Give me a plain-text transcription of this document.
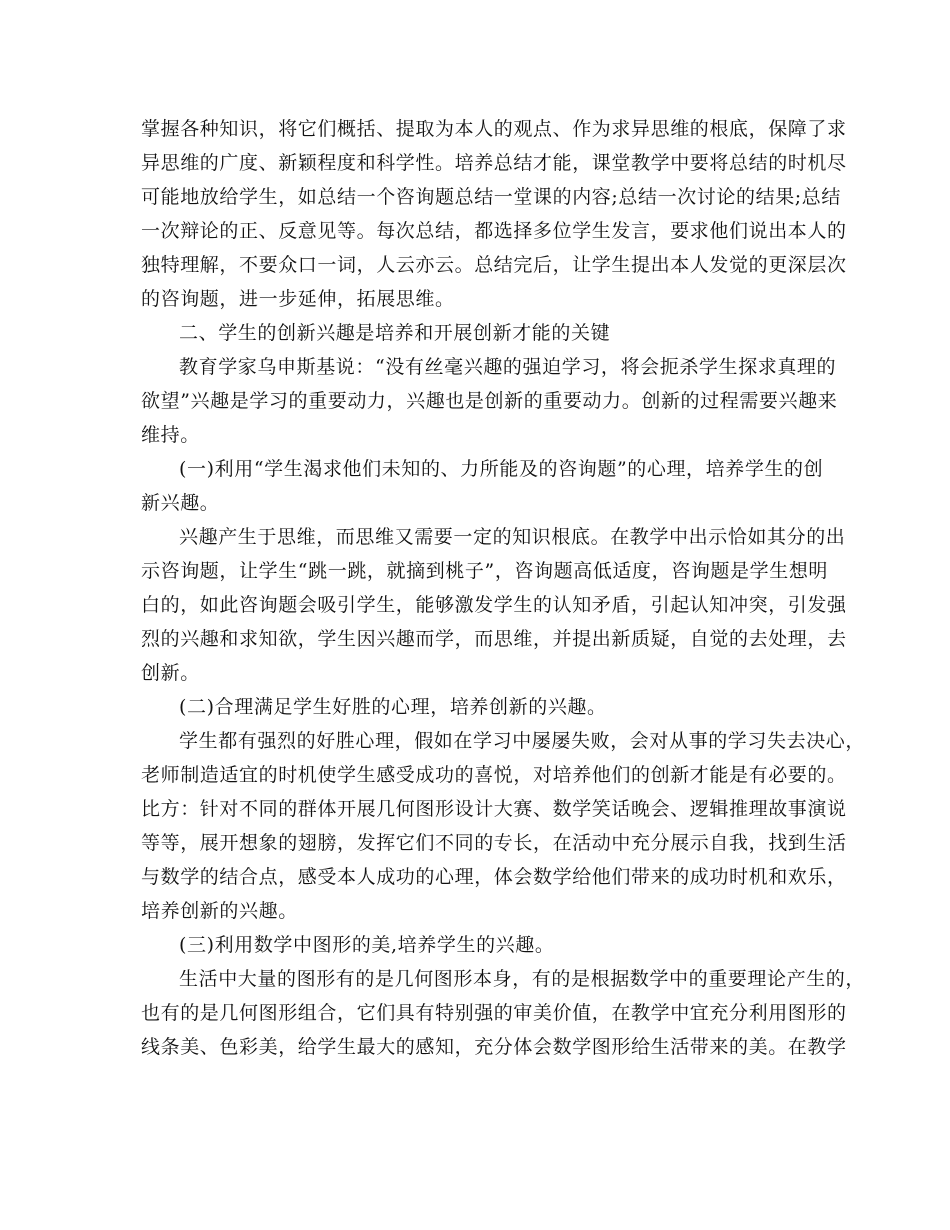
掌握各种知识，将它们概括、提取为本人的观点、作为求异思维的根底，保障了求
异思维的广度、新颖程度和科学性。培养总结才能，课堂教学中要将总结的时机尽
可能地放给学生，如总结一个咨询题总结一堂课的内容;总结一次讨论的结果;总结
一次辩论的正、反意见等。每次总结，都选择多位学生发言，要求他们说出本人的
独特理解，不要众口一词，人云亦云。总结完后，让学生提出本人发觉的更深层次
的咨询题，进一步延伸，拓展思维。
二、学生的创新兴趣是培养和开展创新才能的关键
教育学家乌申斯基说：“没有丝毫兴趣的强迫学习，将会扼杀学生探求真理的
欲望”兴趣是学习的重要动力，兴趣也是创新的重要动力。创新的过程需要兴趣来
维持。
(一)利用“学生渴求他们未知的、力所能及的咨询题”的心理，培养学生的创
新兴趣。
兴趣产生于思维，而思维又需要一定的知识根底。在教学中出示恰如其分的出
示咨询题，让学生“跳一跳，就摘到桃子”，咨询题高低适度，咨询题是学生想明
白的，如此咨询题会吸引学生，能够激发学生的认知矛盾，引起认知冲突，引发强
烈的兴趣和求知欲，学生因兴趣而学，而思维，并提出新质疑，自觉的去处理，去
创新。
(二)合理满足学生好胜的心理，培养创新的兴趣。
学生都有强烈的好胜心理，假如在学习中屡屡失败，会对从事的学习失去决心，
老师制造适宜的时机使学生感受成功的喜悦，对培养他们的创新才能是有必要的。
比方：针对不同的群体开展几何图形设计大赛、数学笑话晚会、逻辑推理故事演说
等等，展开想象的翅膀，发挥它们不同的专长，在活动中充分展示自我，找到生活
与数学的结合点，感受本人成功的心理，体会数学给他们带来的成功时机和欢乐，
培养创新的兴趣。
(三)利用数学中图形的美,培养学生的兴趣。
生活中大量的图形有的是几何图形本身，有的是根据数学中的重要理论产生的，
也有的是几何图形组合，它们具有特别强的审美价值，在教学中宜充分利用图形的
线条美、色彩美，给学生最大的感知，充分体会数学图形给生活带来的美。在教学
